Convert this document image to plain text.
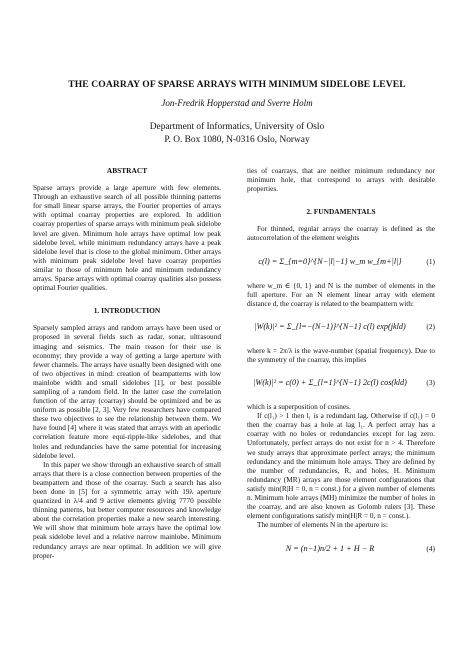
THE COARRAY OF SPARSE ARRAYS WITH MINIMUM SIDELOBE LEVEL
Jon-Fredrik Hopperstad and Sverre Holm
Department of Informatics, University of Oslo
P. O. Box 1080, N-0316 Oslo, Norway
ABSTRACT

Sparse arrays provide a large aperture with few elements. Through an exhaustive search of all possible thinning patterns for small linear sparse arrays, the Fourier properties of arrays with optimal coarray properties are explored. In addition coarray properties of sparse arrays with minimum peak sidelobe level are given. Minimum hole arrays have optimal low peak sidelobe level, while minimum redundancy arrays have a peak sidelobe level that is close to the global minimum. Other arrays with minimum peak sidelobe level have coarray properties similar to those of minimum hole and minimum redundancy arrays. Sparse arrays with optimal coarray qualities also possess optimal Fourier qualities.

1. INTRODUCTION

Sparsely sampled arrays and random arrays have been used or proposed in several fields such as radar, sonar, ultrasound imaging and seismics. The main reason for their use is economy; they provide a way of getting a large aperture with fewer channels. The arrays have usually been designed with one of two objectives in mind: creation of beampatterns with low mainlobe width and small sidelobes [1], or best possible sampling of a random field. In the latter case the correlation function of the array (coarray) should be optimized and be as uniform as possible [2, 3]. Very few researchers have compared these two objectives to see the relationship between them. We have found [4] where it was stated that arrays with an aperiodic correlation feature more equi-ripple-like sidelobes, and that holes and redundancies have the same potential for increasing sidelobe level.

In this paper we show through an exhaustive search of small arrays that there is a close connection between properties of the beampattern and those of the coarray. Such a search has also been done in [5] for a symmetric array with 19λ aperture quantized in λ/4 and 9 active elements giving 7770 possible thinning patterns, but better computer resources and knowledge about the correlation properties make a new search interesting. We will show that minimum hole arrays have the optimal low peak sidelobe level and a relative narrow mainlobe. Minimum redundancy arrays are near optimal. In addition we will give proper-

ties of coarrays, that are neither minimum redundancy nor minimum hole, that correspond to arrays with desirable properties.

2. FUNDAMENTALS

For thinned, regular arrays the coarray is defined as the autocorrelation of the element weights

c(l) = Σ_{m=0}^{N−|l|−1} w_m w_{m+|l|}	(1)

where w_m ∈ {0, 1} and N is the number of elements in the full aperture. For an N element linear array with element distance d, the coarray is related to the beampattern with:

|W(k)|² = Σ_{l=−(N−1)}^{N−1} c(l) exp(jkld)	(2)

where k = 2π/λ is the wave-number (spatial frequency). Due to the symmetry of the coarray, this implies

|W(k)|² = c(0) + Σ_{l=1}^{N−1} 2c(l) cos(kld)	(3)

which is a superposition of cosines.

If c(l₁) > 1 then l₁ is a redundant lag. Otherwise if c(l₁) = 0 then the coarray has a hole at lag l₁. A perfect array has a coarray with no holes or redundancies except for lag zero. Unfortunately, perfect arrays do not exist for n > 4. Therefore we study arrays that approximate perfect arrays; the minimum redundancy and the minimum hole arrays. They are defined by the number of redundancies, R, and holes, H. Minimum redundancy (MR) arrays are those element configurations that satisfy min(R|H = 0, n = const.) for a given number of elements n. Minimum hole arrays (MH) minimize the number of holes in the coarray, and are also known as Golomb rulers [3]. These element configurations satisfy min(H|R = 0, n = const.).

The number of elements N in the aperture is:

N = (n−1)n/2 + 1 + H − R	(4)
